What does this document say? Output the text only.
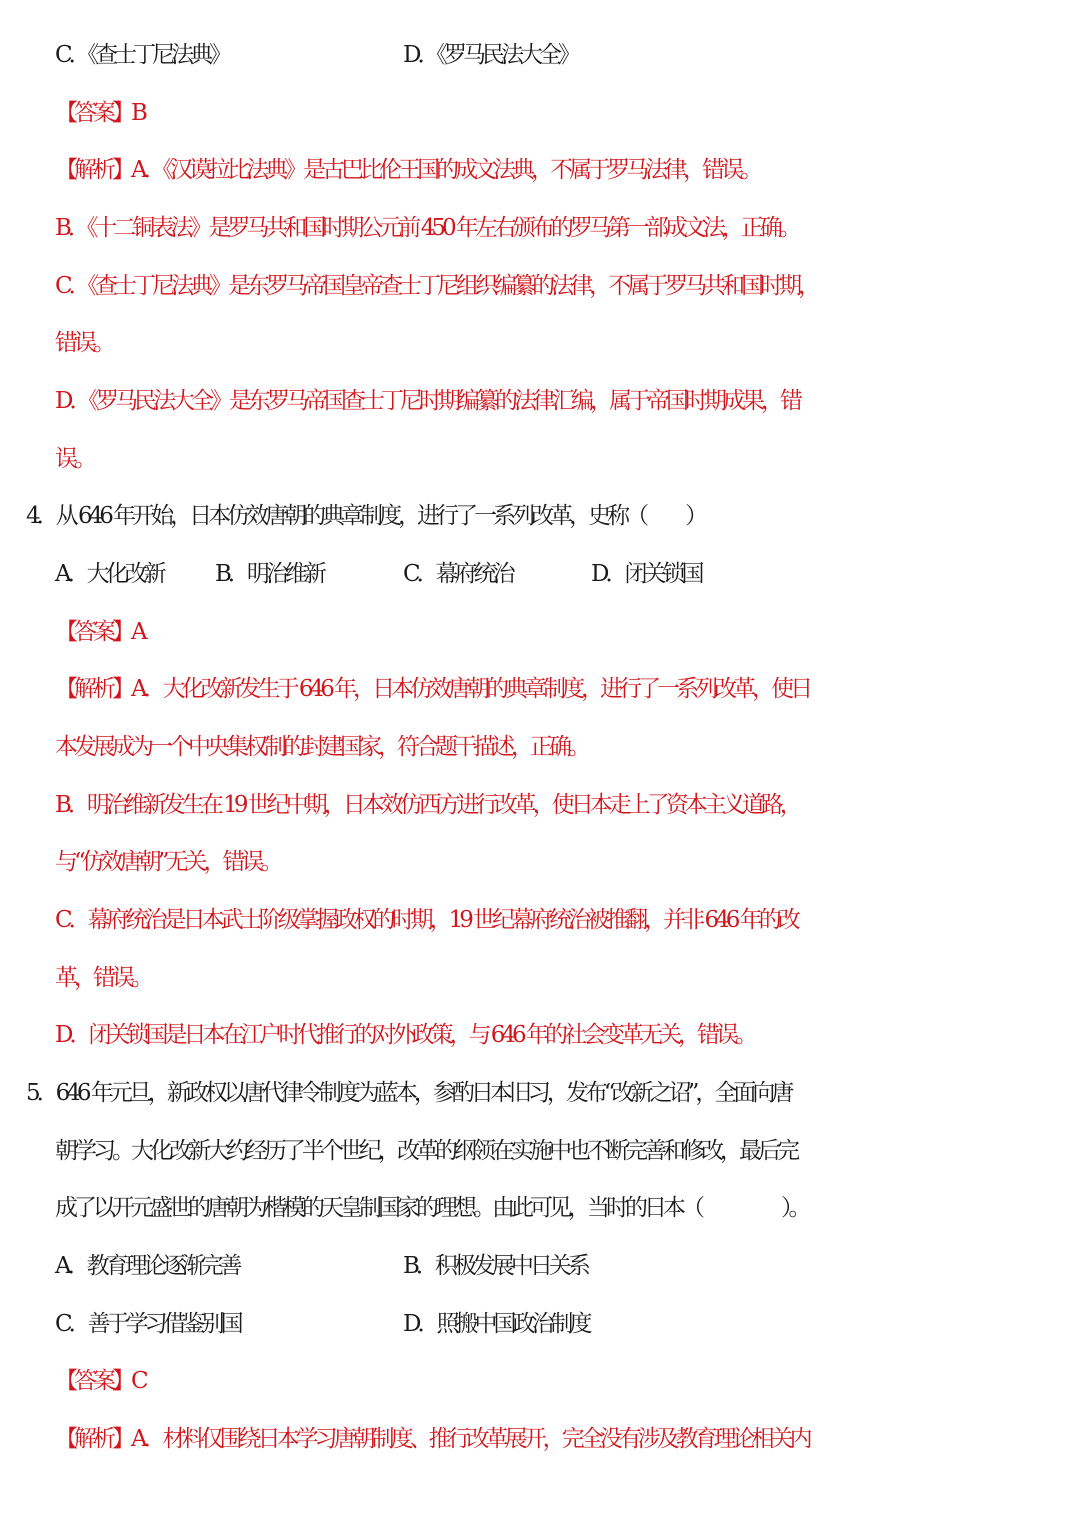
C．《查士丁尼法典》	D．《罗马民法大全》
【答案】B
【解析】A．《汉谟拉比法典》是古巴比伦王国的成文法典，不属于罗马法律，错误。
B．《十二铜表法》是罗马共和国时期公元前 450 年左右颁布的罗马第一部成文法，正确。
C．《查士丁尼法典》是东罗马帝国皇帝查士丁尼组织编纂的法律，不属于罗马共和国时期，
错误。
D．《罗马民法大全》是东罗马帝国查士丁尼时期编纂的法律汇编，属于帝国时期成果，错
误。
4．从 646 年开始，日本仿效唐朝的典章制度，进行了一系列改革，史称（ ）
A．大化改新 B．明治维新	C．幕府统治	D．闭关锁国
【答案】A
【解析】A．大化改新发生于 646 年，日本仿效唐朝的典章制度，进行了一系列改革，使日
本发展成为一个中央集权制的封建国家，符合题干描述，正确。
B．明治维新发生在 19 世纪中期，日本效仿西方进行改革，使日本走上了资本主义道路，
与“仿效唐朝”无关，错误。
C．幕府统治是日本武士阶级掌握政权的时期，19 世纪幕府统治被推翻，并非 646 年的改
革，错误。
D．闭关锁国是日本在江户时代推行的对外政策，与 646 年的社会变革无关，错误。
5．646 年元旦，新政权以唐代律令制度为蓝本，参酌日本旧习，发布“改新之诏”，全面向唐
朝学习。大化改新大约经历了半个世纪，改革的纲领在实施中也不断完善和修改，最后完
成了以开元盛世的唐朝为楷模的天皇制国家的理想。由此可见，当时的日本（	）。
A．教育理论逐渐完善	B．积极发展中日关系
C．善于学习借鉴别国	D．照搬中国政治制度
【答案】C
【解析】A．材料仅围绕日本学习唐朝制度、推行改革展开，完全没有涉及教育理论相关内
